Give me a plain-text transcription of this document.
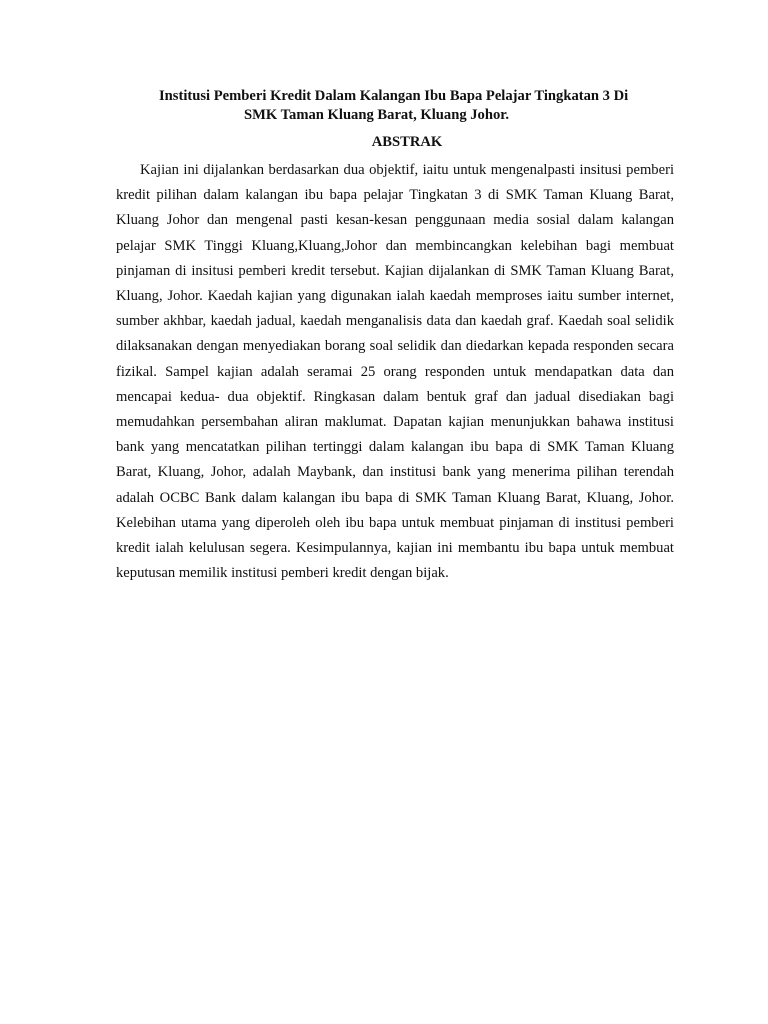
Institusi Pemberi Kredit Dalam Kalangan Ibu Bapa Pelajar Tingkatan 3 Di
SMK Taman Kluang Barat, Kluang Johor.
ABSTRAK

Kajian ini dijalankan berdasarkan dua objektif, iaitu untuk mengenalpasti insitusi pemberi kredit pilihan dalam kalangan ibu bapa pelajar Tingkatan 3 di SMK Taman Kluang Barat, Kluang Johor dan mengenal pasti kesan-kesan penggunaan media sosial dalam kalangan pelajar SMK Tinggi Kluang,Kluang,Johor dan membincangkan kelebihan bagi membuat pinjaman di insitusi pemberi kredit tersebut. Kajian dijalankan di SMK Taman Kluang Barat, Kluang, Johor. Kaedah kajian yang digunakan ialah kaedah memproses iaitu sumber internet, sumber akhbar, kaedah jadual, kaedah menganalisis data dan kaedah graf. Kaedah soal selidik dilaksanakan dengan menyediakan borang soal selidik dan diedarkan kepada responden secara fizikal. Sampel kajian adalah seramai 25 orang responden untuk mendapatkan data dan mencapai kedua- dua objektif. Ringkasan dalam bentuk graf dan jadual disediakan bagi memudahkan persembahan aliran maklumat. Dapatan kajian menunjukkan bahawa institusi bank yang mencatatkan pilihan tertinggi dalam kalangan ibu bapa di SMK Taman Kluang Barat, Kluang, Johor, adalah Maybank, dan institusi bank yang menerima pilihan terendah adalah OCBC Bank dalam kalangan ibu bapa di SMK Taman Kluang Barat, Kluang, Johor. Kelebihan utama yang diperoleh oleh ibu bapa untuk membuat pinjaman di institusi pemberi kredit ialah kelulusan segera. Kesimpulannya, kajian ini membantu ibu bapa untuk membuat keputusan memilik institusi pemberi kredit dengan bijak.
